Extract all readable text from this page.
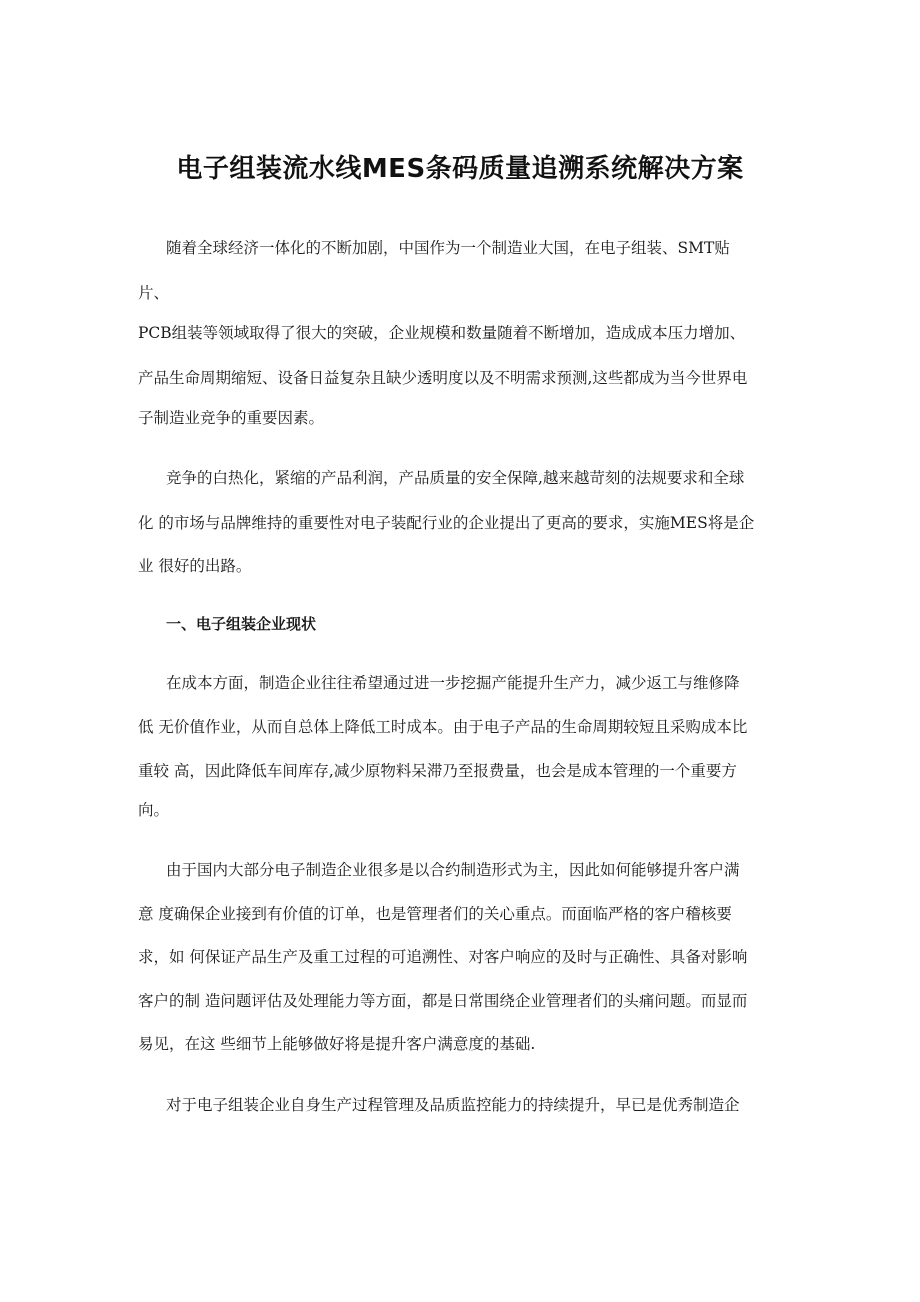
电子组装流水线MES条码质量追溯系统解决方案
随着全球经济一体化的不断加剧，中国作为一个制造业大国，在电子组装、SMT贴
片、
PCB组装等领域取得了很大的突破，企业规模和数量随着不断增加，造成成本压力增加、
产品生命周期缩短、设备日益复杂且缺少透明度以及不明需求预测,这些都成为当今世界电
子制造业竞争的重要因素。
竞争的白热化，紧缩的产品利润，产品质量的安全保障,越来越苛刻的法规要求和全球
化 的市场与品牌维持的重要性对电子装配行业的企业提出了更高的要求，实施MES将是企
业 很好的出路。
一、电子组装企业现状
在成本方面，制造企业往往希望通过进一步挖掘产能提升生产力，减少返工与维修降
低 无价值作业，从而自总体上降低工时成本。由于电子产品的生命周期较短且采购成本比
重较 高，因此降低车间库存,减少原物料呆滞乃至报费量，也会是成本管理的一个重要方
向。
由于国内大部分电子制造企业很多是以合约制造形式为主，因此如何能够提升客户满
意 度确保企业接到有价值的订单，也是管理者们的关心重点。而面临严格的客户稽核要
求，如 何保证产品生产及重工过程的可追溯性、对客户响应的及时与正确性、具备对影响
客户的制 造问题评估及处理能力等方面，都是日常围绕企业管理者们的头痛问题。而显而
易见，在这 些细节上能够做好将是提升客户满意度的基础.
对于电子组装企业自身生产过程管理及品质监控能力的持续提升，早已是优秀制造企
